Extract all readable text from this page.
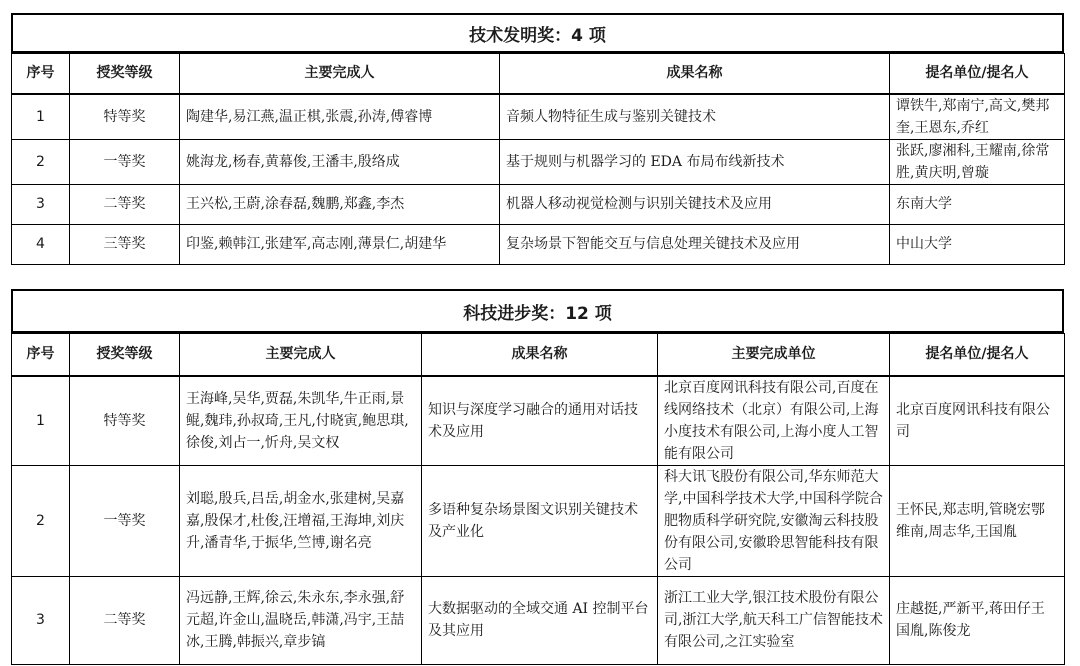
技术发明奖：4 项
序号	授奖等级	主要完成人	成果名称	提名单位/提名人
1	特等奖	陶建华,易江燕,温正棋,张震,孙涛,傅睿博	音频人物特征生成与鉴别关键技术	谭铁牛,郑南宁,高文,樊邦奎,王恩东,乔红
2	一等奖	姚海龙,杨春,黄幕俊,王潘丰,殷络成	基于规则与机器学习的 EDA 布局布线新技术	张跃,廖湘科,王耀南,徐常胜,黄庆明,曾璇
3	二等奖	王兴松,王蔚,涂春磊,魏鹏,郑鑫,李杰	机器人移动视觉检测与识别关键技术及应用	东南大学
4	三等奖	印鉴,赖韩江,张建军,高志刚,薄景仁,胡建华	复杂场景下智能交互与信息处理关键技术及应用	中山大学
科技进步奖：12 项
序号	授奖等级	主要完成人	成果名称	主要完成单位	提名单位/提名人
1	特等奖	王海峰,吴华,贾磊,朱凯华,牛正雨,景鲲,魏玮,孙叔琦,王凡,付晓寅,鲍思琪,徐俊,刘占一,忻舟,吴文权	知识与深度学习融合的通用对话技术及应用	北京百度网讯科技有限公司,百度在线网络技术（北京）有限公司,上海小度技术有限公司,上海小度人工智能有限公司	北京百度网讯科技有限公司
2	一等奖	刘聪,殷兵,吕岳,胡金水,张建树,吴嘉嘉,殷保才,杜俊,汪增福,王海坤,刘庆升,潘青华,于振华,竺博,谢名亮	多语种复杂场景图文识别关键技术及产业化	科大讯飞股份有限公司,华东师范大学,中国科学技术大学,中国科学院合肥物质科学研究院,安徽淘云科技股份有限公司,安徽聆思智能科技有限公司	王怀民,郑志明,管晓宏鄂维南,周志华,王国胤
3	二等奖	冯远静,王辉,徐云,朱永东,李永强,舒元超,许金山,温晓岳,韩潇,冯宇,王喆冰,王腾,韩振兴,章步镐	大数据驱动的全域交通 AI 控制平台及其应用	浙江工业大学,银江技术股份有限公司,浙江大学,航天科工广信智能技术有限公司,之江实验室	庄越挺,严新平,蒋田仔王国胤,陈俊龙
